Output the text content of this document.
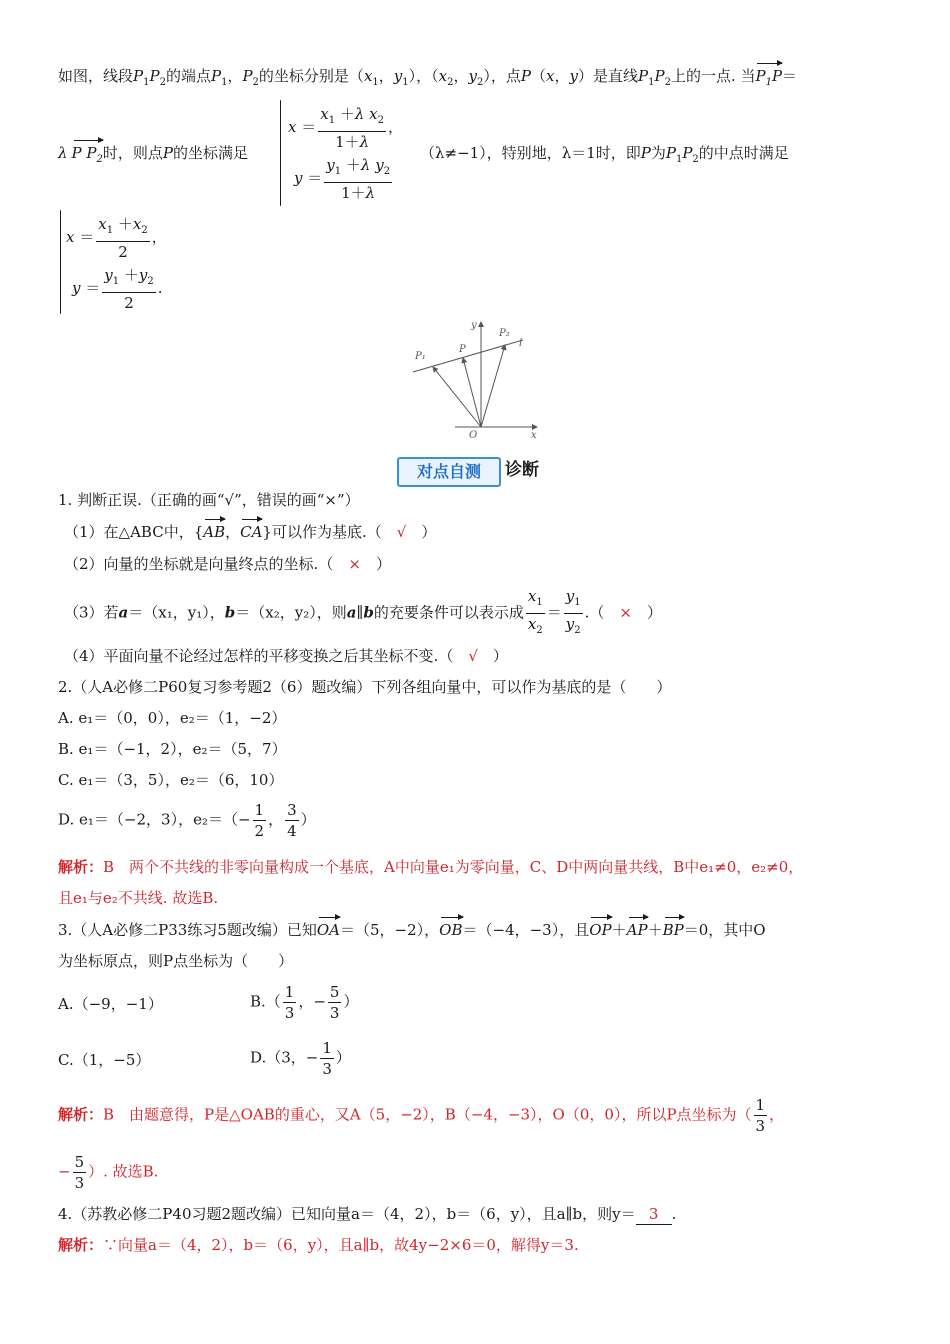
如图，线段$P_1P_2$的端点$P_1$，$P_2$的坐标分别是（$x_1$，$y_1$），（$x_2$，$y_2$），点P（x，y）是直线$P_1P_2$上的一点. 当$P_1P=$
λ P $P_2$时，则点P的坐标满足
$x = \frac{x_1 +\lambda x_2}{1+\lambda}$ ，
$y = \frac{y_1 +\lambda y_2}{1+\lambda}$
（λ≠−1），特别地，λ＝1时，即P为$P_1P_2$的中点时满足
$x = \frac{x_1 +x_2}{2}$ ，
$y = \frac{y_1 +y_2}{2}$ .
y
P₂
l
P₁
P
O	x
对点自测	诊断
1. 判断正误.（正确的画“√”，错误的画“×”）
（1）在△ABC中，{AB，CA}可以作为基底.（　 √　 ）
（2）向量的坐标就是向量终点的坐标.（　 ×　 ）
（3）若a＝（x₁，y₁），b＝（x₂，y₂），则a∥b的充要条件可以表示成 $\frac{x_1}{x_2} = \frac{y_1}{y_2}$ .（　×　 ）
（4）平面向量不论经过怎样的平移变换之后其坐标不变.（　 √　 ）
2.（人A必修二P60复习参考题2（6）题改编）下列各组向量中，可以作为基底的是（　　）
A. e₁＝（0，0），e₂＝（1，−2）
B. e₁＝（−1，2），e₂＝（5，7）
C. e₁＝（3，5），e₂＝（6，10）
D. e₁＝（−2，3），$e_2=(- \frac{1}{2}$ ， $\frac{3}{4}$ ）
解析：B　两个不共线的非零向量构成一个基底，A中向量e₁为零向量，C、D中两向量共线，B中e₁≠0，e₂≠0，
且e₁与e₂不共线. 故选B.
3.（人A必修二P33练习5题改编）已知OA＝（5，−2），OB＝（−4，−3），且OP＋AP＋BP＝0，其中O
为坐标原点，则P点坐标为（　　）
A.（−9，−1）	$B.( \frac{1}{3}$ ，− $\frac{5}{3}$ ）
C.（1，−5）	D.（3，− $\frac{1}{3}$ ）
解析：B　由题意得，P是△OAB的重心，又A（5，−2），B（−4，−3），O（0，0），所以P点坐标为（ $\frac{1}{3}$ ，
− $\frac{5}{3}$ ）. 故选B.
4.（苏教必修二P40习题2题改编）已知向量a＝（4，2），b＝（6，y），且a∥b，则y＝ 3 .
解析：∵向量a＝（4，2），b＝（6，y），且a∥b，故4y−2×6＝0，解得y＝3.
